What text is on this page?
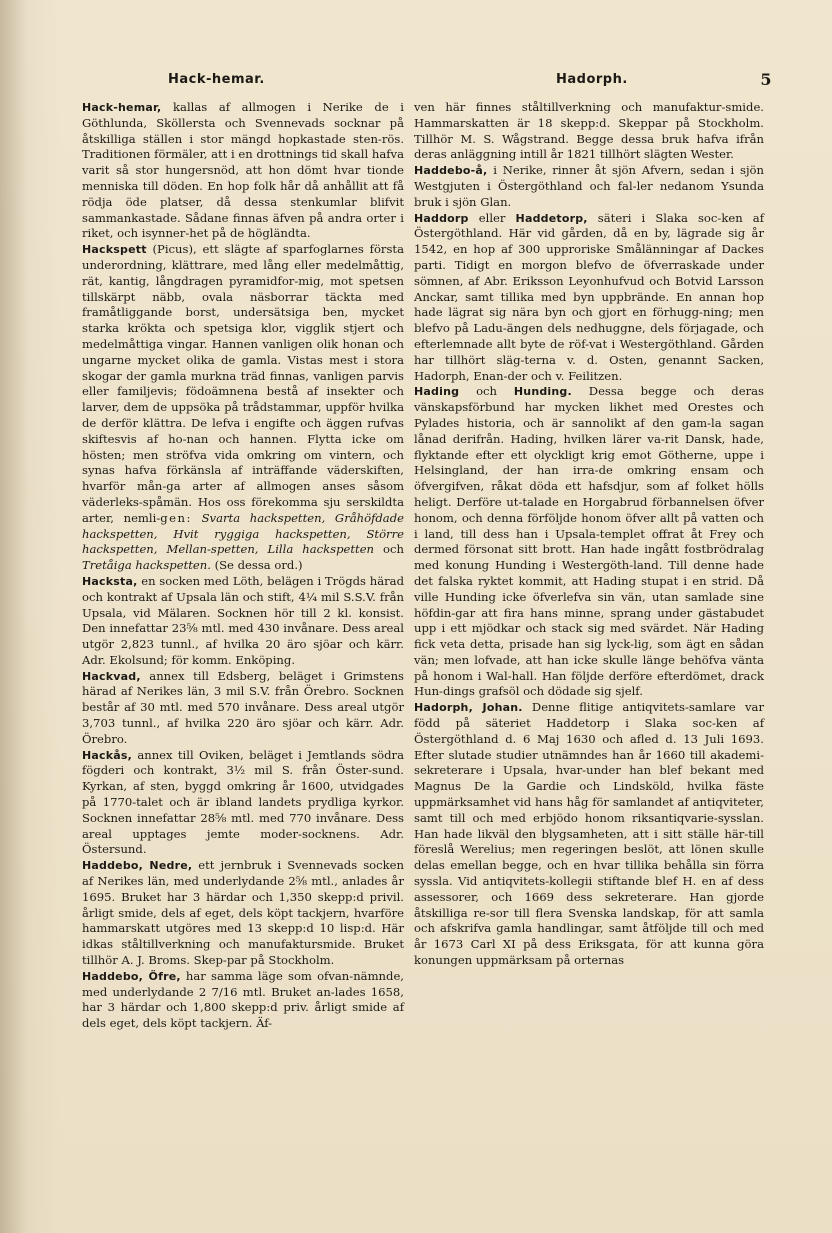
Hack-hemar.	Hadorph.	5

Hack-hemar, kallas af allmogen i Nerike de i Göthlunda, Sköllersta och Svennevads socknar på åtskilliga ställen i stor mängd hopkastade sten-rös. Traditionen förmäler, att i en drottnings tid skall hafva varit så stor hungersnöd, att hon dömt hvar tionde menniska till döden. En hop folk hår då anhållit att få rödja öde platser, då dessa stenkumlar blifvit sammankastade. Sådane finnas äfven på andra orter i riket, och isynner-het på de högländta.

Hackspett (Picus), ett slägte af sparfoglarnes första underordning, klättrare, med lång eller medelmåttig, rät, kantig, långdragen pyramidfor-mig, mot spetsen tillskärpt näbb, ovala näsborrar täckta med framåtliggande borst, undersätsiga ben, mycket starka krökta och spetsiga klor, vigglik stjert och medelmåttiga vingar. Hannen vanligen olik honan och ungarne mycket olika de gamla. Vistas mest i stora skogar der gamla murkna träd finnas, vanligen parvis eller familjevis; födoämnena bestå af insekter och larver, dem de uppsöka på trådstammar, uppför hvilka de derför klättra. De lefva i engifte och äggen rufvas skiftesvis af ho-nan och hannen. Flytta icke om hösten; men ströfva vida omkring om vintern, och synas hafva förkänsla af inträffande väderskiften, hvarför mån-ga arter af allmogen anses såsom väderleks-spåmän. Hos oss förekomma sju serskildta arter, nemli-gen: Svarta hackspetten, Gråhöfdade hackspetten, Hvit ryggiga hackspetten, Större hackspetten, Mellan-spetten, Lilla hackspetten och Tretåiga hackspetten. (Se dessa ord.)

Hacksta, en socken med Löth, belägen i Trögds härad och kontrakt af Upsala län och stift, 4¼ mil S.S.V. från Upsala, vid Mälaren. Socknen hör till 2 kl. konsist. Den innefattar 23⅝ mtl. med 430 invånare. Dess areal utgör 2,823 tunnl., af hvilka 20 äro sjöar och kärr. Adr. Ekolsund; för komm. Enköping.

Hackvad, annex till Edsberg, beläget i Grimstens härad af Nerikes län, 3 mil S.V. från Örebro. Socknen består af 30 mtl. med 570 invånare. Dess areal utgör 3,703 tunnl., af hvilka 220 äro sjöar och kärr. Adr. Örebro.

Hackås, annex till Oviken, beläget i Jemtlands södra fögderi och kontrakt, 3½ mil S. från Öster-sund. Kyrkan, af sten, byggd omkring år 1600, utvidgades på 1770-talet och är ibland landets prydliga kyrkor. Socknen innefattar 28⅝ mtl. med 770 invånare. Dess areal upptages jemte moder-socknens. Adr. Östersund.

Haddebo, Nedre, ett jernbruk i Svennevads socken af Nerikes län, med underlydande 2⅝ mtl., anlades år 1695. Bruket har 3 härdar och 1,350 skepp:d privil. årligt smide, dels af eget, dels köpt tackjern, hvarföre hammarskatt utgöres med 13 skepp:d 10 lisp:d. Här idkas ståltillverkning och manufaktursmide. Bruket tillhör A. J. Broms. Skep-par på Stockholm.

Haddebo, Öfre, har samma läge som ofvan-nämnde, med underlydande 2 7/16 mtl. Bruket an-lades 1658, har 3 härdar och 1,800 skepp:d priv. årligt smide af dels eget, dels köpt tackjern. Äf-

ven här finnes ståltillverkning och manufaktur-smide. Hammarskatten är 18 skepp:d. Skeppar på Stockholm. Tillhör M. S. Wågstrand. Begge dessa bruk hafva ifrån deras anläggning intill år 1821 tillhört slägten Wester.

Haddebo-å, i Nerike, rinner åt sjön Afvern, sedan i sjön Westgjuten i Östergöthland och fal-ler nedanom Ysunda bruk i sjön Glan.

Haddorp eller Haddetorp, säteri i Slaka soc-ken af Östergöthland. Här vid gården, då en by, lägrade sig år 1542, en hop af 300 upproriske Smålänningar af Dackes parti. Tidigt en morgon blefvo de öfverraskade under sömnen, af Abr. Eriksson Leyonhufvud och Botvid Larsson Anckar, samt tillika med byn uppbrände. En annan hop hade lägrat sig nära byn och gjort en förhugg-ning; men blefvo på Ladu-ängen dels nedhuggne, dels förjagade, och efterlemnade allt byte de röf-vat i Westergöthland. Gården har tillhört släg-terna v. d. Osten, genannt Sacken, Hadorph, Enan-der och v. Feilitzen.

Hading och Hunding. Dessa begge och deras vänskapsförbund har mycken likhet med Orestes och Pylades historia, och är sannolikt af den gam-la sagan lånad derifrån. Hading, hvilken lärer va-rit Dansk, hade, flyktande efter ett olyckligt krig emot Götherne, uppe i Helsingland, der han irra-de omkring ensam och öfvergifven, råkat döda ett hafsdjur, som af folket hölls heligt. Derföre ut-talade en Horgabrud förbannelsen öfver honom, och denna förföljde honom öfver allt på vatten och i land, till dess han i Upsala-templet offrat åt Frey och dermed försonat sitt brott. Han hade ingått fostbrödralag med konung Hunding i Westergöth-land. Till denne hade det falska ryktet kommit, att Hading stupat i en strid. Då ville Hunding icke öfverlefva sin vän, utan samlade sine höfdin-gar att fira hans minne, sprang under gästabudet upp i ett mjödkar och stack sig med svärdet. När Hading fick veta detta, prisade han sig lyck-lig, som ägt en sådan vän; men lofvade, att han icke skulle länge behöfva vänta på honom i Wal-hall. Han följde derföre efterdömet, drack Hun-dings grafsöl och dödade sig sjelf.

Hadorph, Johan. Denne flitige antiqvitets-samlare var född på säteriet Haddetorp i Slaka soc-ken af Östergöthland d. 6 Maj 1630 och afled d. 13 Juli 1693. Efter slutade studier utnämndes han år 1660 till akademi-sekreterare i Upsala, hvar-under han blef bekant med Magnus De la Gardie och Lindsköld, hvilka fäste uppmärksamhet vid hans håg för samlandet af antiqviteter, samt till och med erbjödo honom riksantiqvarie-sysslan. Han hade likväl den blygsamheten, att i sitt ställe här-till föreslå Werelius; men regeringen beslöt, att lönen skulle delas emellan begge, och en hvar tillika behålla sin förra syssla. Vid antiqvitets-kollegii stiftande blef H. en af dess assessorer, och 1669 dess sekreterare. Han gjorde åtskilliga re-sor till flera Svenska landskap, för att samla och afskrifva gamla handlingar, samt åtföljde till och med år 1673 Carl XI på dess Eriksgata, för att kunna göra konungen uppmärksam på orternas
